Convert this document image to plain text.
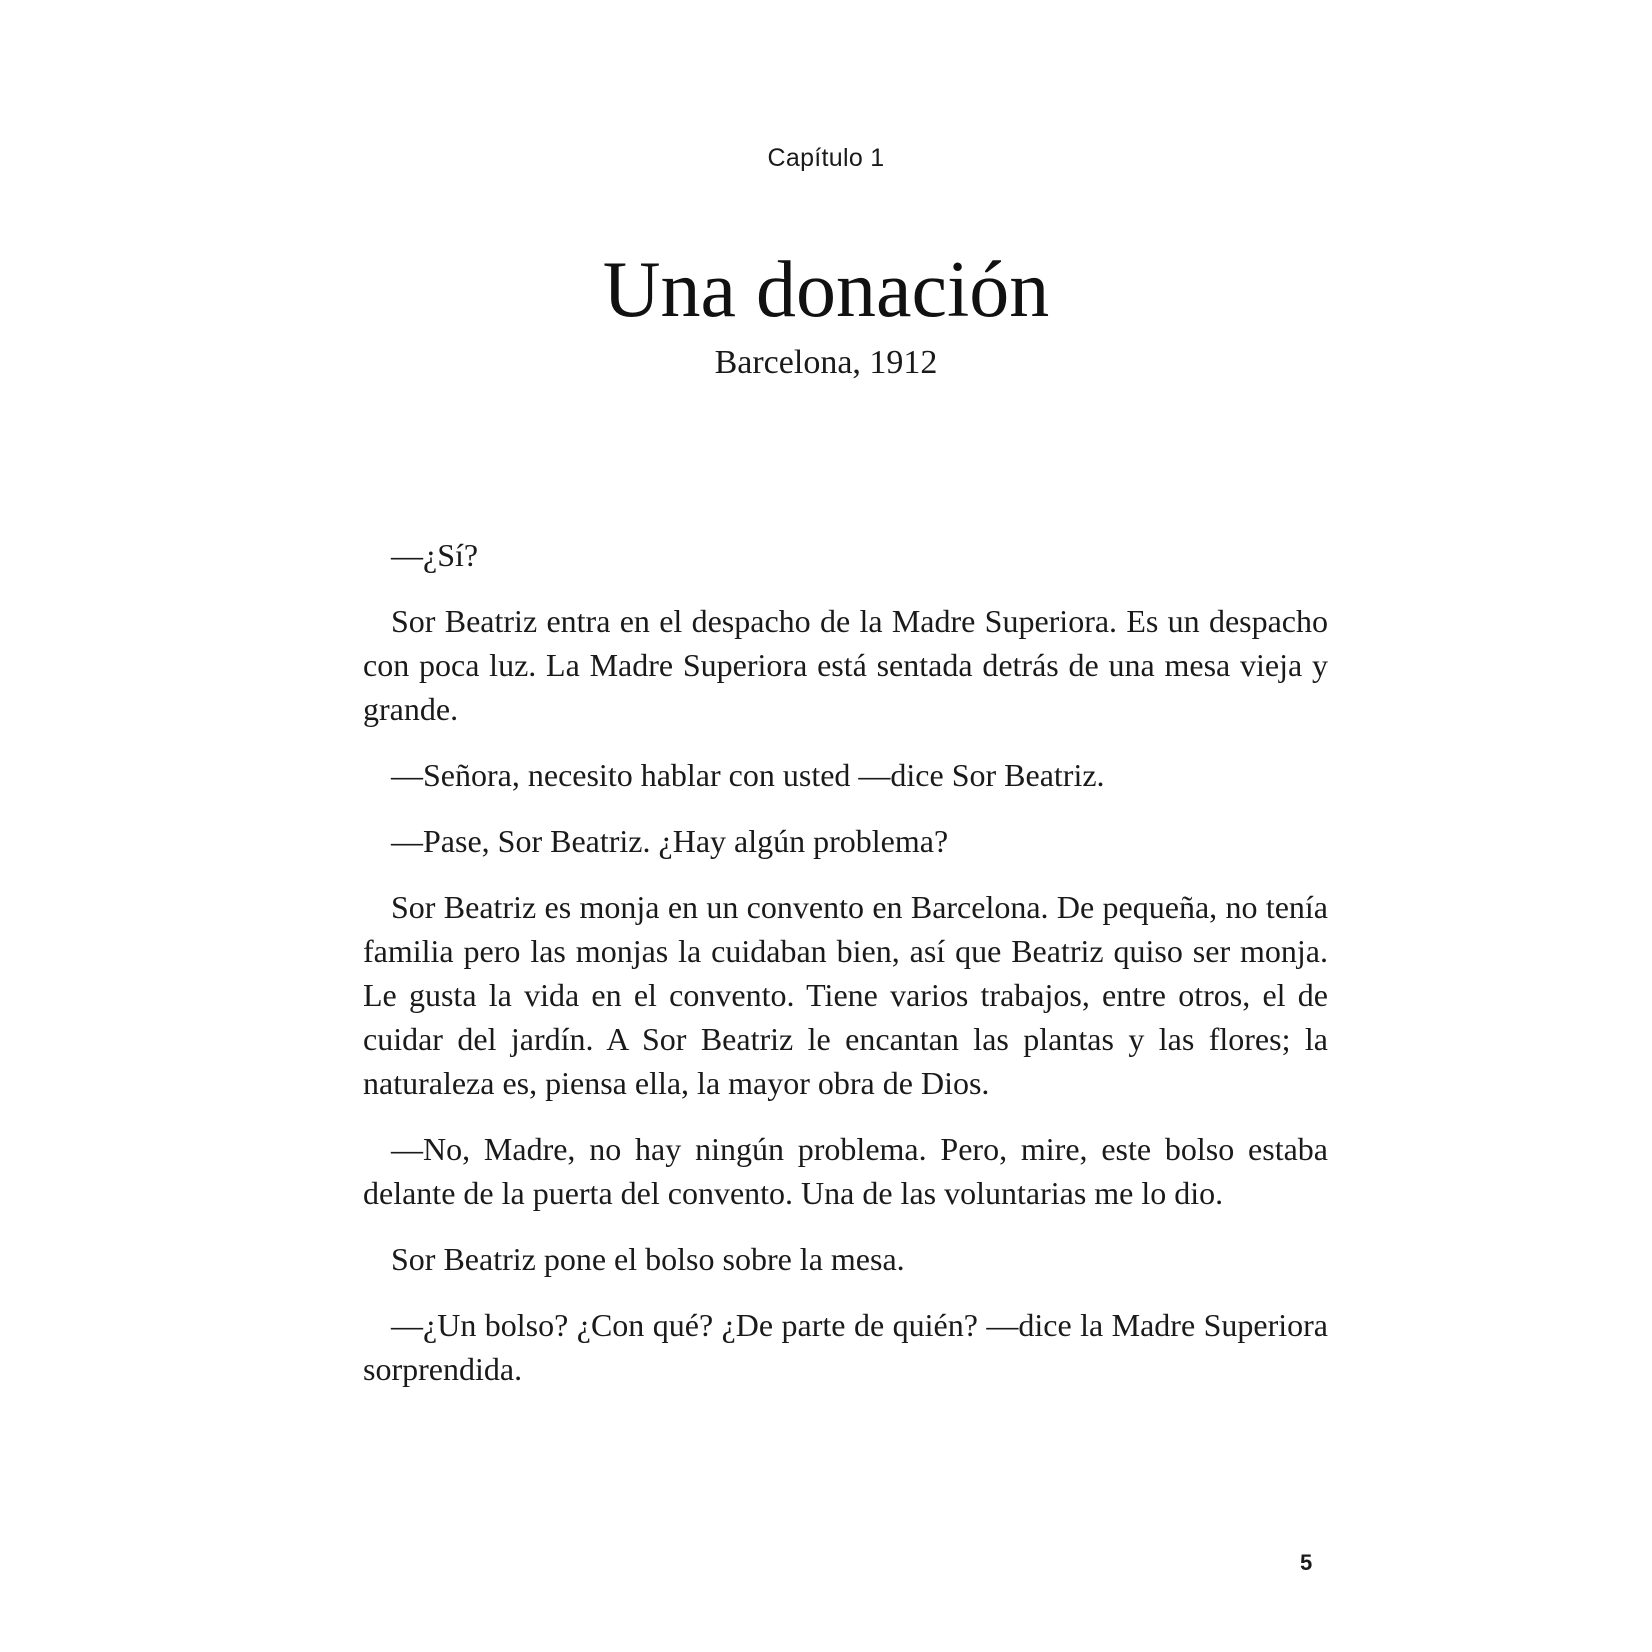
Capítulo 1
Una donación
Barcelona, 1912

—¿Sí?

Sor Beatriz entra en el despacho de la Madre Superiora. Es un despacho con poca luz. La Madre Superiora está sentada detrás de una mesa vieja y grande.

—Señora, necesito hablar con usted —dice Sor Beatriz.

—Pase, Sor Beatriz. ¿Hay algún problema?

Sor Beatriz es monja en un convento en Barcelona. De pequeña, no tenía familia pero las monjas la cuidaban bien, así que Beatriz quiso ser monja. Le gusta la vida en el convento. Tiene varios trabajos, entre otros, el de cuidar del jardín. A Sor Beatriz le encantan las plantas y las flores; la naturaleza es, piensa ella, la mayor obra de Dios.

—No, Madre, no hay ningún problema. Pero, mire, este bolso estaba delante de la puerta del convento. Una de las voluntarias me lo dio.

Sor Beatriz pone el bolso sobre la mesa.

—¿Un bolso? ¿Con qué? ¿De parte de quién? —dice la Madre Superiora sorprendida.

5
